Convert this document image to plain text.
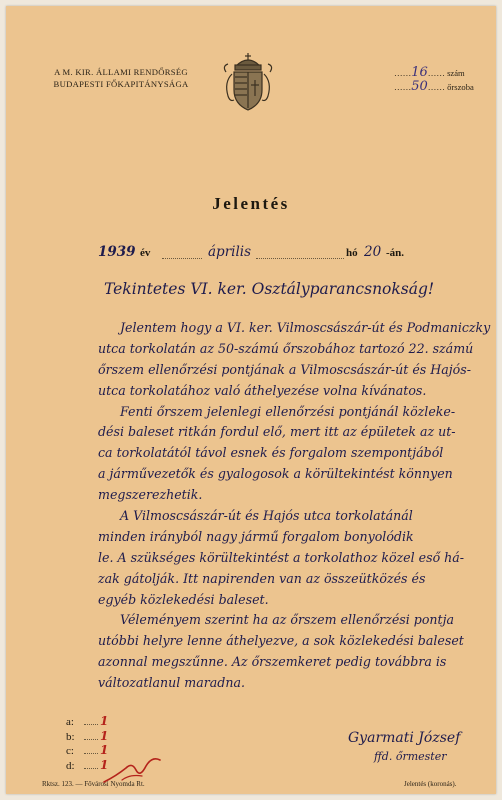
A M. KIR. ÁLLAMI RENDŐRSÉG
BUDAPESTI FŐKAPITÁNYSÁGA
……16…… szám
……50…… őrszoba
Jelentés
1939 év	április	hó 20 -án.
Tekintetes VI. ker. Osztályparancsnokság!
Jelentem hogy a VI. ker. Vilmoscsászár-út és Podmaniczky
utca torkolatán az 50-számú őrszobához tartozó 22. számú
őrszem ellenőrzési pontjának a Vilmoscsászár-út és Hajós-
utca torkolatához való áthelyezése volna kívánatos.
Fenti őrszem jelenlegi ellenőrzési pontjánál közleke-
dési baleset ritkán fordul elő, mert itt az épületek az ut-
ca torkolatától távol esnek és forgalom szempontjából
a járművezetők és gyalogosok a körültekintést könnyen
megszerezhetik.
A Vilmoscsászár-út és Hajós utca torkolatánál
minden irányból nagy jármű forgalom bonyolódik
le. A szükséges körültekintést a torkolathoz közel eső há-
zak gátolják. Itt napirenden van az összeütközés és
egyéb közlekedési baleset.
Véleményem szerint ha az őrszem ellenőrzési pontja
utóbbi helyre lenne áthelyezve, a sok közlekedési baleset
azonnal megszűnne. Az őrszemkeret pedig továbbra is
változatlanul maradna.
a: 1
b: 1
c: 1
d: 1
Gyarmati József
ffd. őrmester
Rktsz. 123. — Fővárosi Nyomda Rt.	Jelentés (koronás).
